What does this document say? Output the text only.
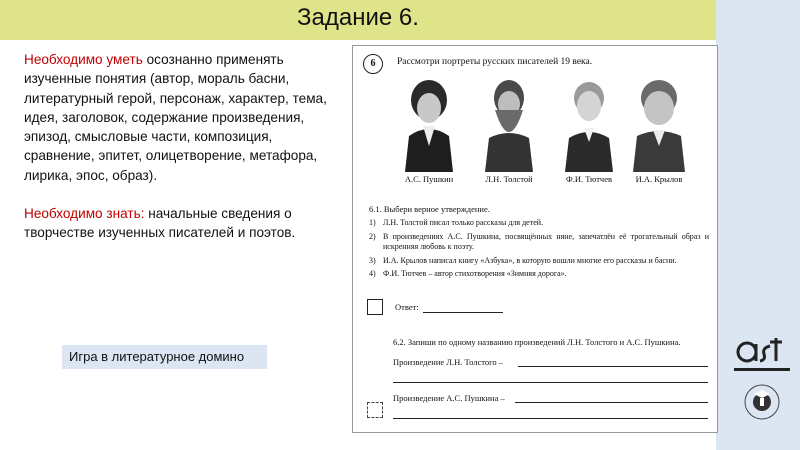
Задание 6.

Необходимо уметь осознанно применять изученные понятия (автор, мораль басни, литературный герой, персонаж, характер, тема, идея, заголовок, содержание произведения, эпизод, смысловые части, композиция, сравнение, эпитет, олицетворение, метафора, лирика, эпос, образ).

Необходимо знать: начальные сведения о творчестве изученных писателей и поэтов.

Игра в литературное домино
6	Рассмотри портреты русских писателей 19 века.
А.С. Пушкин	Л.Н. Толстой	Ф.И. Тютчев	И.А. Крылов
6.1. Выбери верное утверждение.
1) Л.Н. Толстой писал только рассказы для детей.
2) В произведениях А.С. Пушкина, посвящённых няне, запечатлён её трогательный образ и искренняя любовь к поэту.
3) И.А. Крылов написал книгу «Азбука», в которую вошли многие его рассказы и басни.
4) Ф.И. Тютчев – автор стихотворения «Зимняя дорога».
Ответ:
6.2. Запиши по одному названию произведений Л.Н. Толстого и А.С. Пушкина.
Произведение Л.Н. Толстого –
Произведение А.С. Пушкина –
